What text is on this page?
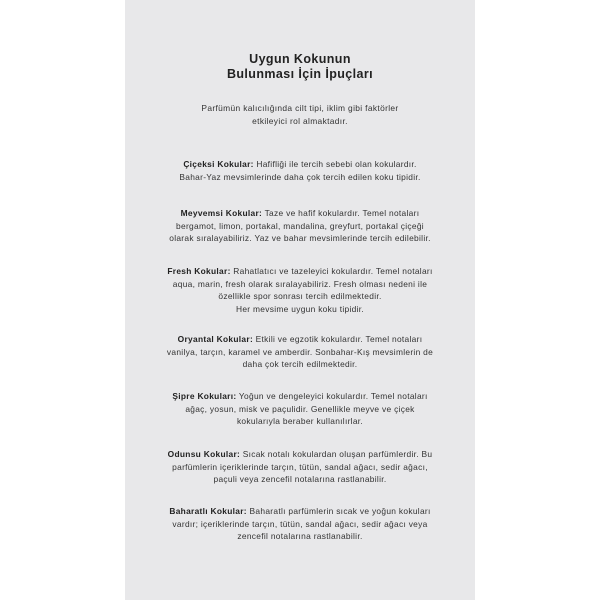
Uygun Kokunun
Bulunması İçin İpuçları
Parfümün kalıcılığında cilt tipi, iklim gibi faktörler
etkileyici rol almaktadır.
Çiçeksi Kokular: Hafifliği ile tercih sebebi olan kokulardır.
Bahar-Yaz mevsimlerinde daha çok tercih edilen koku tipidir.
Meyvemsi Kokular: Taze ve hafif kokulardır. Temel notaları
bergamot, limon, portakal, mandalina, greyfurt, portakal çiçeği
olarak sıralayabiliriz. Yaz ve bahar mevsimlerinde tercih edilebilir.
Fresh Kokular: Rahatlatıcı ve tazeleyici kokulardır. Temel notaları
aqua, marin, fresh olarak sıralayabiliriz. Fresh olması nedeni ile
özellikle spor sonrası tercih edilmektedir.
Her mevsime uygun koku tipidir.
Oryantal Kokular: Etkili ve egzotik kokulardır. Temel notaları
vanilya, tarçın, karamel ve amberdir. Sonbahar-Kış mevsimlerin de
daha çok tercih edilmektedir.
Şipre Kokuları: Yoğun ve dengeleyici kokulardır. Temel notaları
ağaç, yosun, misk ve paçulidir. Genellikle meyve ve çiçek
kokularıyla beraber kullanılırlar.
Odunsu Kokular: Sıcak notalı kokulardan oluşan parfümlerdir. Bu
parfümlerin içeriklerinde tarçın, tütün, sandal ağacı, sedir ağacı,
paçuli veya zencefil notalarına rastlanabilir.
Baharatlı Kokular: Baharatlı parfümlerin sıcak ve yoğun kokuları
vardır; içeriklerinde tarçın, tütün, sandal ağacı, sedir ağacı veya
zencefil notalarına rastlanabilir.
